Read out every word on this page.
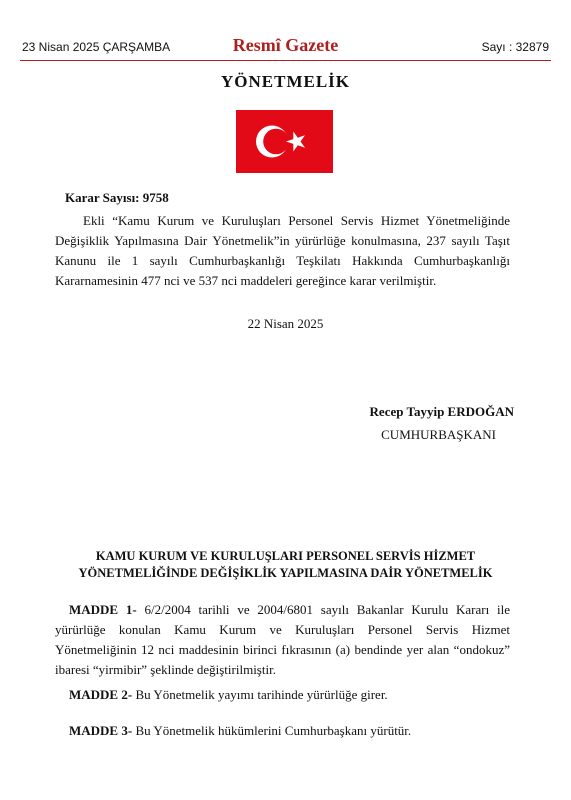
23 Nisan 2025 ÇARŞAMBA	Resmî Gazete	Sayı : 32879
YÖNETMELİK
Karar Sayısı: 9758
Ekli “Kamu Kurum ve Kuruluşları Personel Servis Hizmet Yönetmeliğinde Değişiklik Yapılmasına Dair Yönetmelik”in yürürlüğe konulmasına, 237 sayılı Taşıt Kanunu ile 1 sayılı Cumhurbaşkanlığı Teşkilatı Hakkında Cumhurbaşkanlığı Kararnamesinin 477 nci ve 537 nci maddeleri gereğince karar verilmiştir.
22 Nisan 2025
Recep Tayyip ERDOĞAN
CUMHURBAŞKANI
KAMU KURUM VE KURULUŞLARI PERSONEL SERVİS HİZMET
YÖNETMELİĞİNDE DEĞİŞİKLİK YAPILMASINA DAİR YÖNETMELİK
MADDE 1- 6/2/2004 tarihli ve 2004/6801 sayılı Bakanlar Kurulu Kararı ile yürürlüğe konulan Kamu Kurum ve Kuruluşları Personel Servis Hizmet Yönetmeliğinin 12 nci maddesinin birinci fıkrasının (a) bendinde yer alan “ondokuz” ibaresi “yirmibir” şeklinde değiştirilmiştir.
MADDE 2- Bu Yönetmelik yayımı tarihinde yürürlüğe girer.
MADDE 3- Bu Yönetmelik hükümlerini Cumhurbaşkanı yürütür.
